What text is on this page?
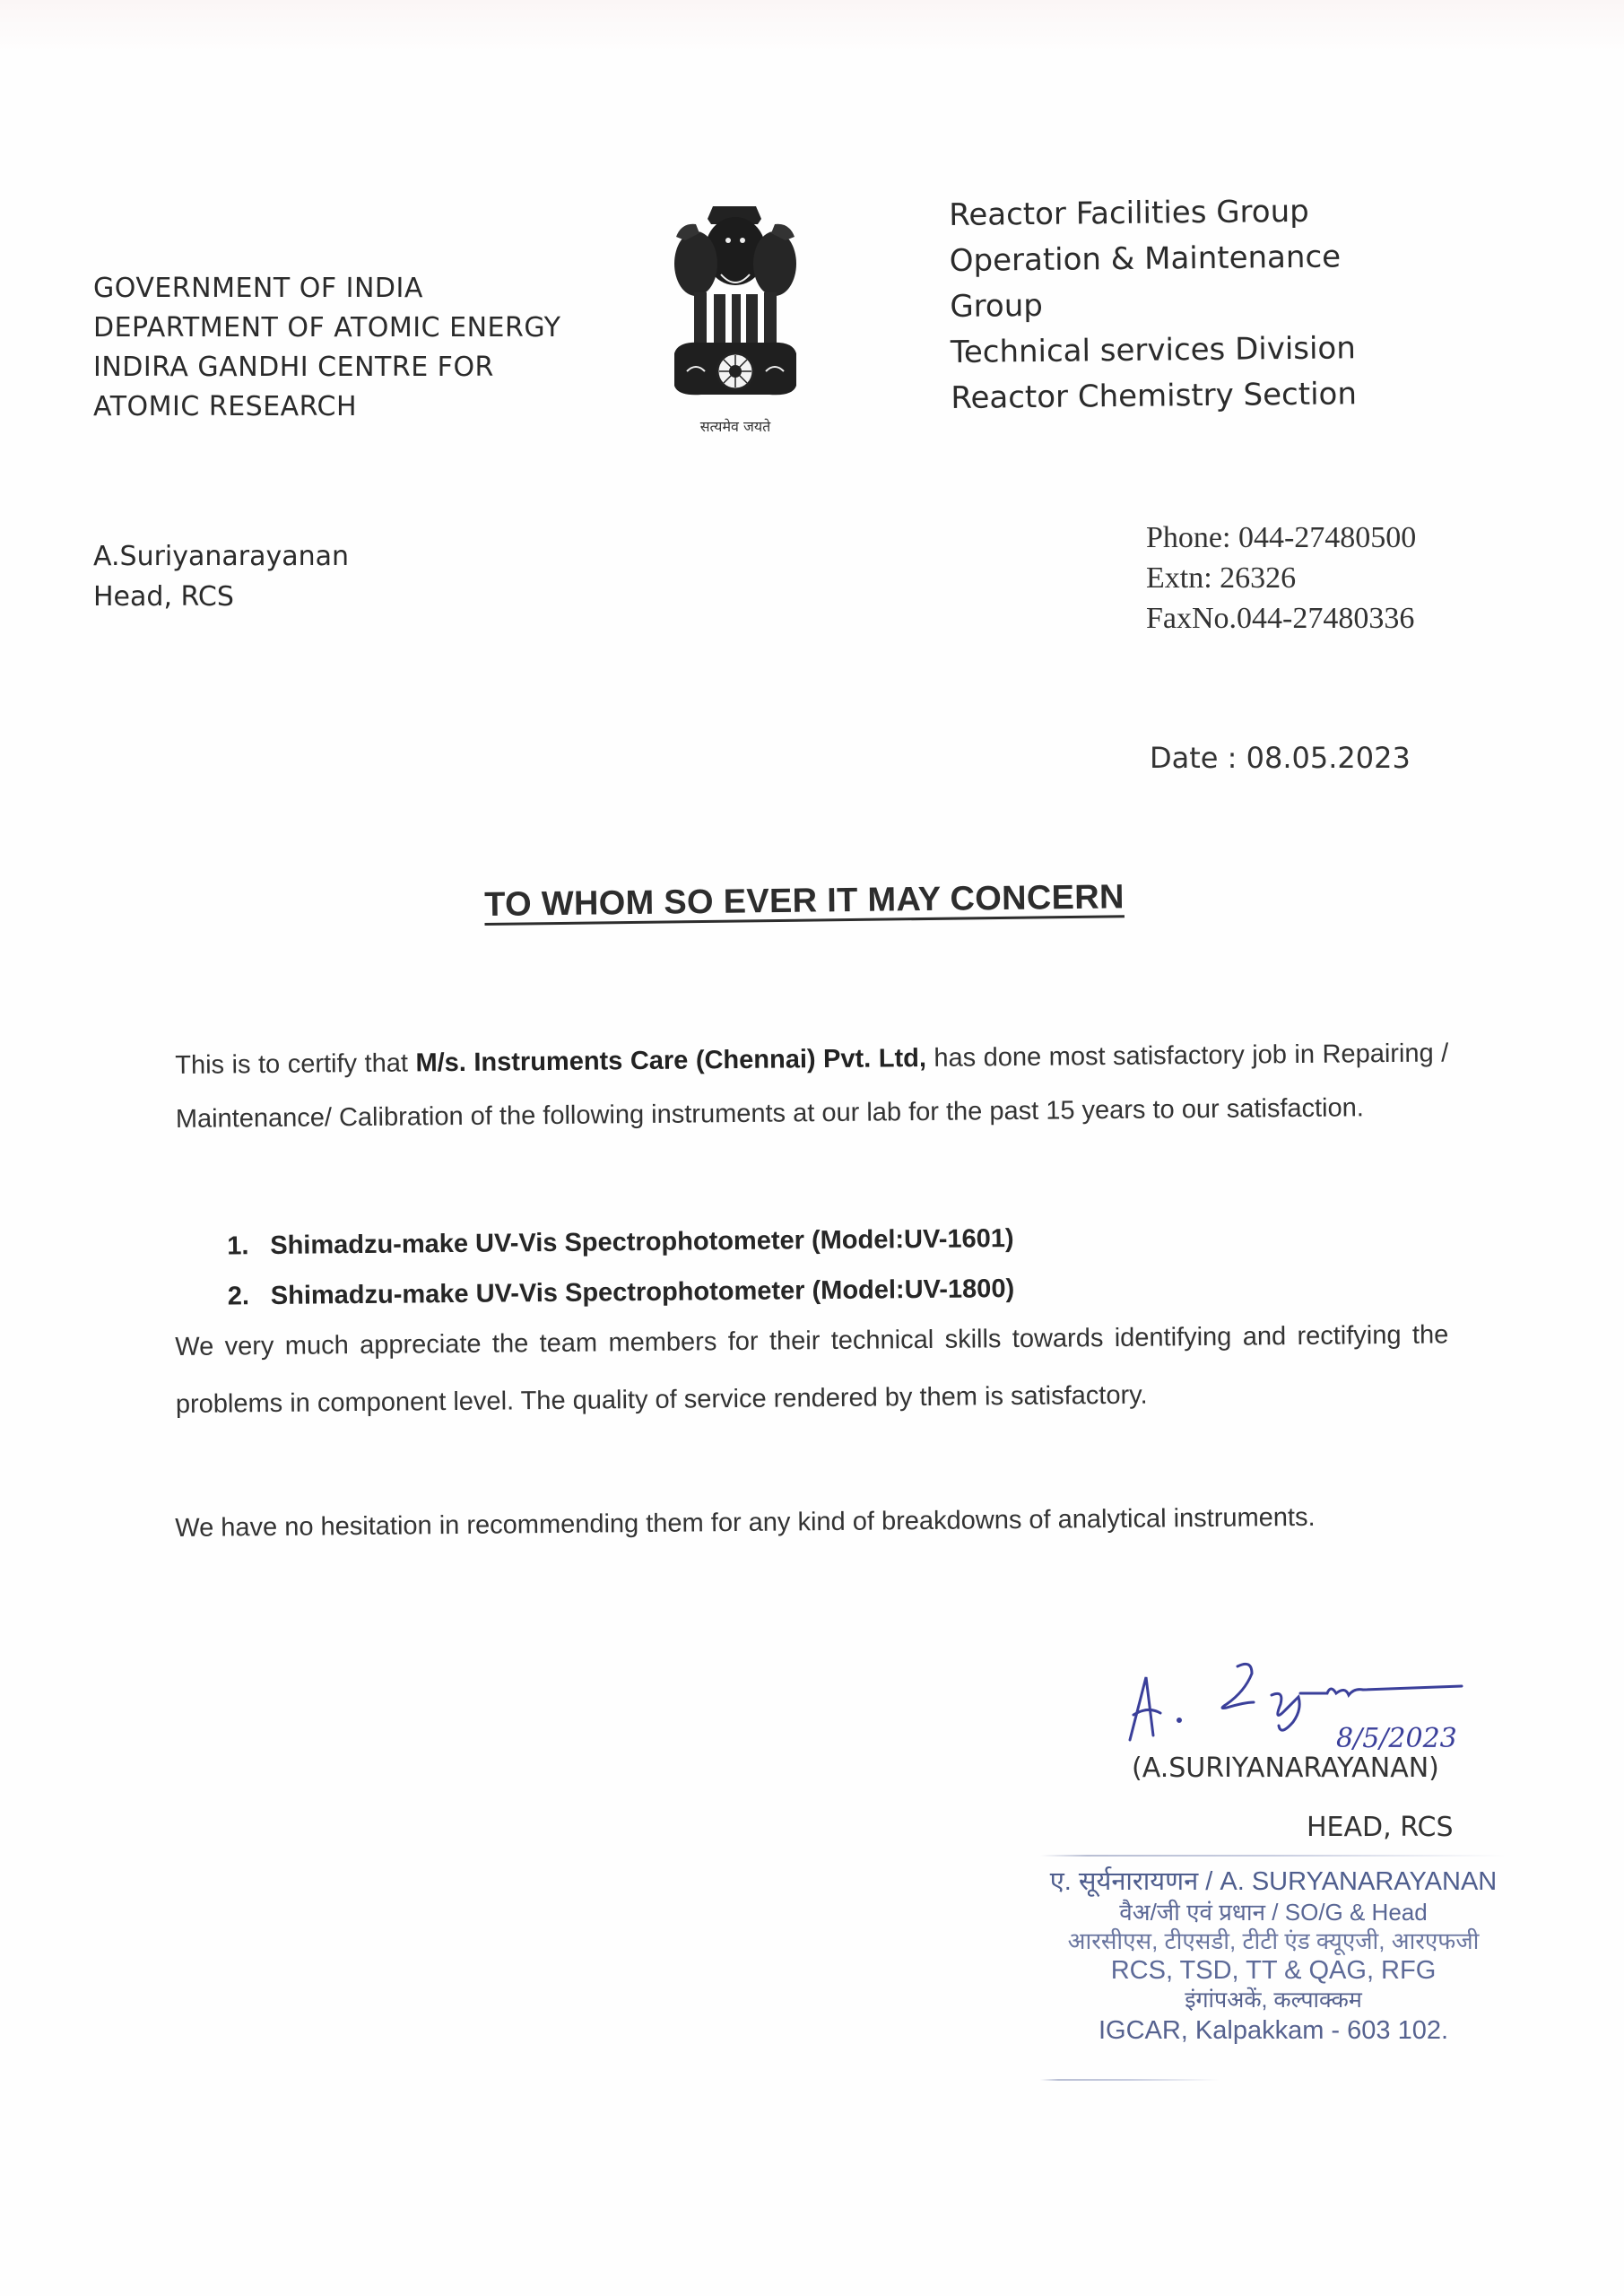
GOVERNMENT OF INDIA
DEPARTMENT OF ATOMIC ENERGY
INDIRA GANDHI CENTRE FOR
ATOMIC RESEARCH
सत्यमेव जयते
Reactor Facilities Group
Operation & Maintenance
Group
Technical services Division
Reactor Chemistry Section
A.Suriyanarayanan
Head, RCS
Phone: 044-27480500
Extn: 26326
FaxNo.044-27480336
Date : 08.05.2023
TO WHOM SO EVER IT MAY CONCERN
This is to certify that M/s. Instruments Care (Chennai) Pvt. Ltd, has done most satisfactory job in Repairing / Maintenance/ Calibration of the following instruments at our lab for the past 15 years to our satisfaction.
1. Shimadzu-make UV-Vis Spectrophotometer (Model:UV-1601)
2. Shimadzu-make UV-Vis Spectrophotometer (Model:UV-1800)
We very much appreciate the team members for their technical skills towards identifying and rectifying the problems in component level. The quality of service rendered by them is satisfactory.
We have no hesitation in recommending them for any kind of breakdowns of analytical instruments.
8/5/2023
(A.SURIYANARAYANAN)
HEAD, RCS
ए. सूर्यनारायणन / A. SURYANARAYANAN
वैअ/जी एवं प्रधान / SO/G & Head
आरसीएस, टीएसडी, टीटी एंड क्यूएजी, आरएफजी
RCS, TSD, TT & QAG, RFG
इंगांपअकें, कल्पाक्कम
IGCAR, Kalpakkam - 603 102.
